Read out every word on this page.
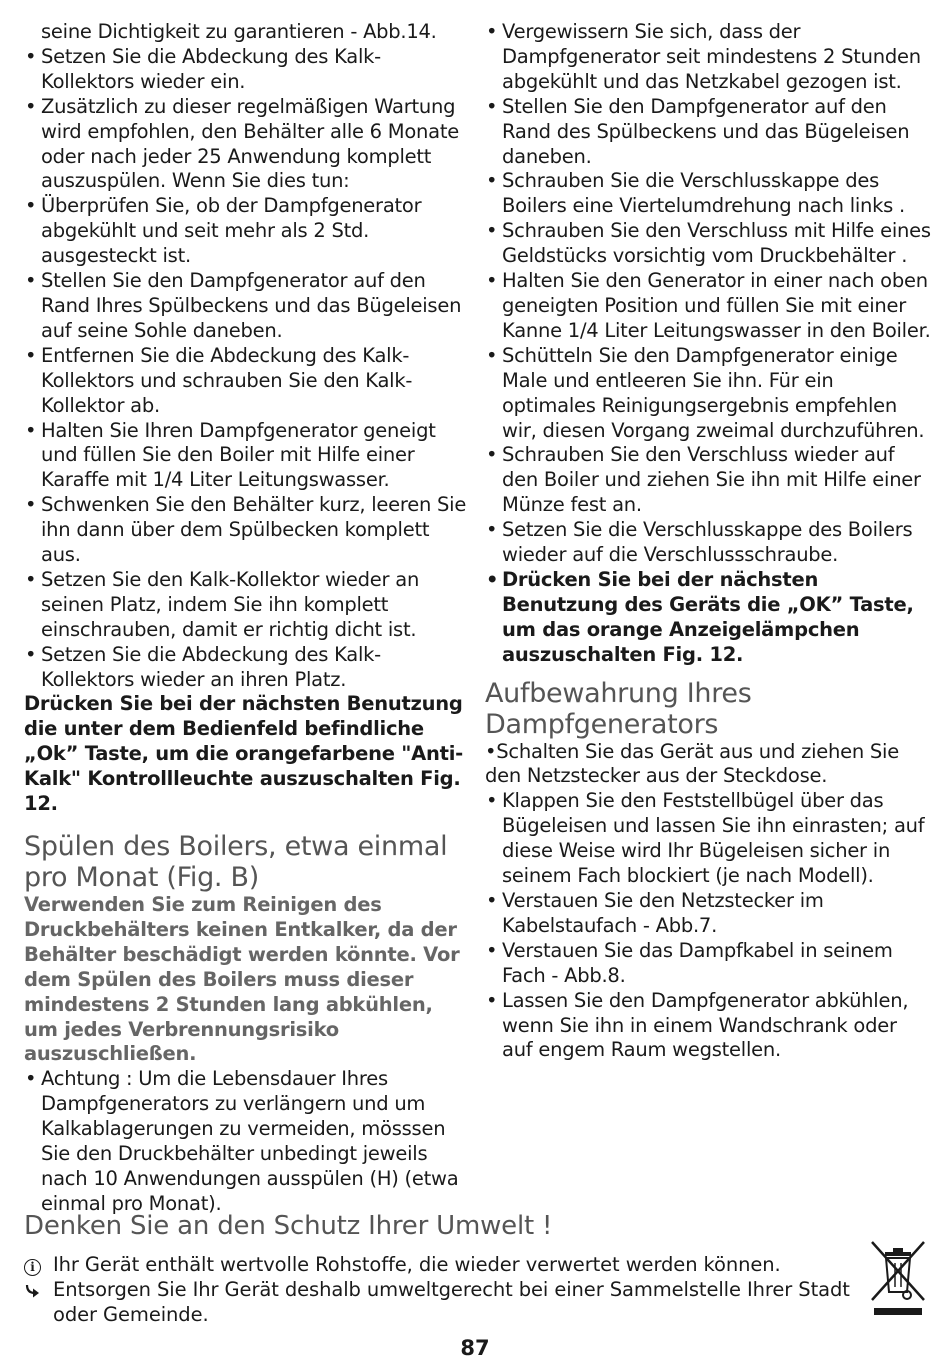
seine Dichtigkeit zu garantieren - Abb.14.

• Setzen Sie die Abdeckung des Kalk-Kollektors wieder ein.
• Zusätzlich zu dieser regelmäßigen Wartung wird empfohlen, den Behälter alle 6 Monate oder nach jeder 25 Anwendung komplett auszuspülen. Wenn Sie dies tun:
• Überprüfen Sie, ob der Dampfgenerator abgekühlt und seit mehr als 2 Std. ausgesteckt ist.
• Stellen Sie den Dampfgenerator auf den Rand Ihres Spülbeckens und das Bügeleisen auf seine Sohle daneben.
• Entfernen Sie die Abdeckung des Kalk-Kollektors und schrauben Sie den Kalk-Kollektor ab.
• Halten Sie Ihren Dampfgenerator geneigt und füllen Sie den Boiler mit Hilfe einer Karaffe mit 1/4 Liter Leitungswasser.
• Schwenken Sie den Behälter kurz, leeren Sie ihn dann über dem Spülbecken komplett aus.
• Setzen Sie den Kalk-Kollektor wieder an seinen Platz, indem Sie ihn komplett einschrauben, damit er richtig dicht ist.
• Setzen Sie die Abdeckung des Kalk-Kollektors wieder an ihren Platz.

Drücken Sie bei der nächsten Benutzung die unter dem Bedienfeld befindliche „Ok” Taste, um die orangefarbene "Anti-Kalk" Kontrollleuchte auszuschalten Fig. 12.

Spülen des Boilers, etwa einmal pro Monat (Fig. B)

Verwenden Sie zum Reinigen des Druckbehälters keinen Entkalker, da der Behälter beschädigt werden könnte. Vor dem Spülen des Boilers muss dieser mindestens 2 Stunden lang abkühlen, um jedes Verbrennungsrisiko auszuschließen.

• Achtung : Um die Lebensdauer Ihres Dampfgenerators zu verlängern und um Kalkablagerungen zu vermeiden, mösssen Sie den Druckbehälter unbedingt jeweils nach 10 Anwendungen ausspülen (H) (etwa einmal pro Monat).
• Vergewissern Sie sich, dass der Dampfgenerator seit mindestens 2 Stunden abgekühlt und das Netzkabel gezogen ist.
• Stellen Sie den Dampfgenerator auf den Rand des Spülbeckens und das Bügeleisen daneben.
• Schrauben Sie die Verschlusskappe des Boilers eine Viertelumdrehung nach links .
• Schrauben Sie den Verschluss mit Hilfe eines Geldstücks vorsichtig vom Druckbehälter .
• Halten Sie den Generator in einer nach oben geneigten Position und füllen Sie mit einer Kanne 1/4 Liter Leitungswasser in den Boiler.
• Schütteln Sie den Dampfgenerator einige Male und entleeren Sie ihn. Für ein optimales Reinigungsergebnis empfehlen wir, diesen Vorgang zweimal durchzuführen.
• Schrauben Sie den Verschluss wieder auf den Boiler und ziehen Sie ihn mit Hilfe einer Münze fest an.
• Setzen Sie die Verschlusskappe des Boilers wieder auf die Verschlussschraube.
• Drücken Sie bei der nächsten Benutzung des Geräts die „OK” Taste, um das orange Anzeigelämpchen auszuschalten Fig. 12.
Aufbewahrung Ihres Dampfgenerators

•Schalten Sie das Gerät aus und ziehen Sie den Netzstecker aus der Steckdose.

• Klappen Sie den Feststellbügel über das Bügeleisen und lassen Sie ihn einrasten; auf diese Weise wird Ihr Bügeleisen sicher in seinem Fach blockiert (je nach Modell).
• Verstauen Sie den Netzstecker im Kabelstaufach - Abb.7.
• Verstauen Sie das Dampfkabel in seinem Fach - Abb.8.
• Lassen Sie den Dampfgenerator abkühlen, wenn Sie ihn in einem Wandschrank oder auf engem Raum wegstellen.
Denken Sie an den Schutz Ihrer Umwelt !
i Ihr Gerät enthält wertvolle Rohstoffe, die wieder verwertet werden können.
Entsorgen Sie Ihr Gerät deshalb umweltgerecht bei einer Sammelstelle Ihrer Stadt oder Gemeinde.
87
